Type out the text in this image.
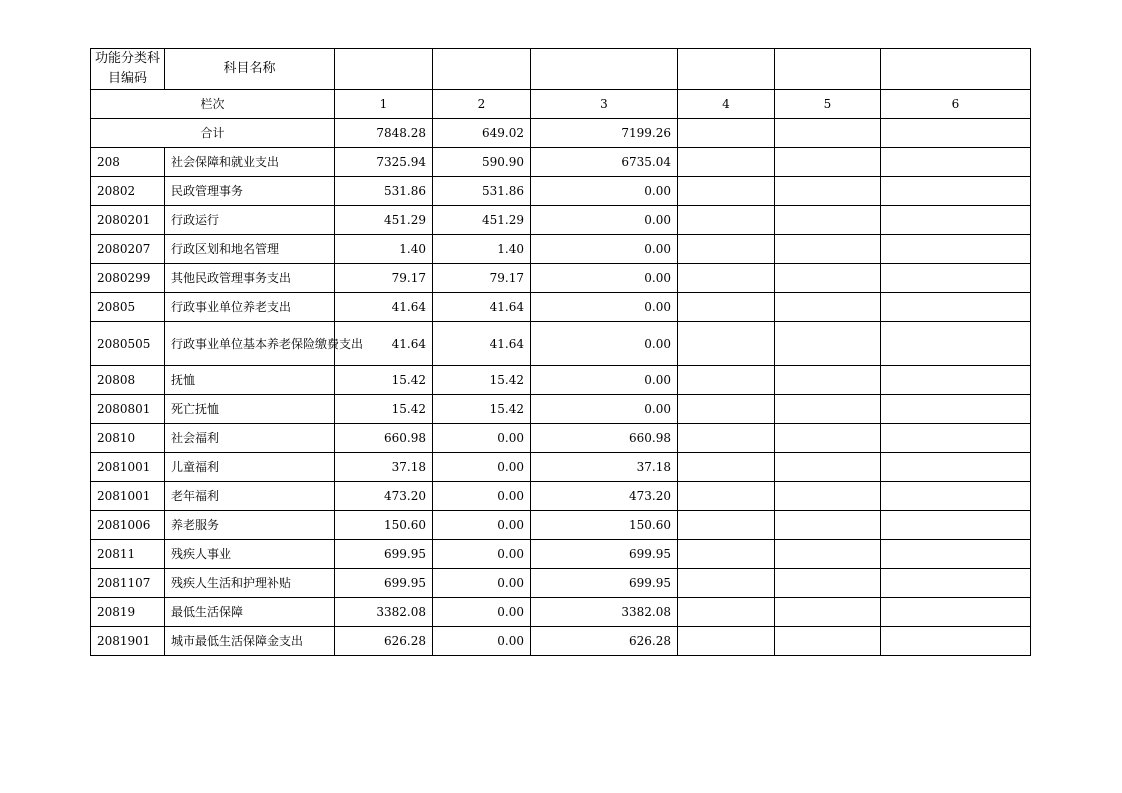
功能分类科目编码	科目名称						
栏次		1	2	3	4	5	6
合计		7848.28	649.02	7199.26			
208	社会保障和就业支出	7325.94	590.90	6735.04			
20802	民政管理事务	531.86	531.86	0.00			
2080201	行政运行	451.29	451.29	0.00			
2080207	行政区划和地名管理	1.40	1.40	0.00			
2080299	其他民政管理事务支出	79.17	79.17	0.00			
20805	行政事业单位养老支出	41.64	41.64	0.00			
2080505	行政事业单位基本养老保险缴费支出	41.64	41.64	0.00			
20808	抚恤	15.42	15.42	0.00			
2080801	死亡抚恤	15.42	15.42	0.00			
20810	社会福利	660.98	0.00	660.98			
2081001	儿童福利	37.18	0.00	37.18			
2081001	老年福利	473.20	0.00	473.20			
2081006	养老服务	150.60	0.00	150.60			
20811	残疾人事业	699.95	0.00	699.95			
2081107	残疾人生活和护理补贴	699.95	0.00	699.95			
20819	最低生活保障	3382.08	0.00	3382.08			
2081901	城市最低生活保障金支出	626.28	0.00	626.28			
